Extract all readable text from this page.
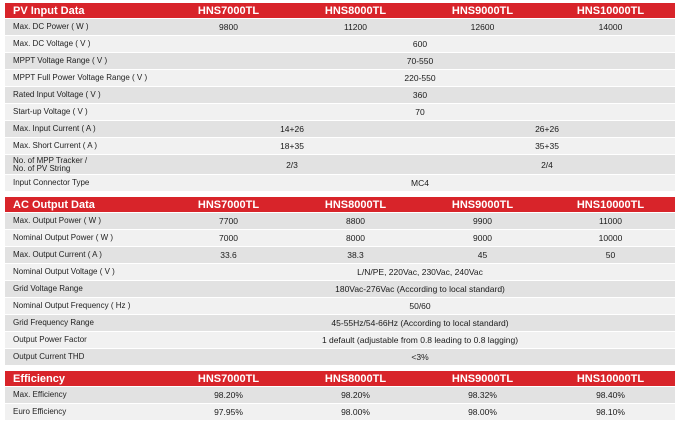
PV Input Data	HNS7000TL	HNS8000TL	HNS9000TL	HNS10000TL
Max. DC Power ( W )	9800	11200	12600	14000
Max. DC Voltage ( V )	600
MPPT Voltage Range ( V )	70-550
MPPT Full Power Voltage Range ( V )	220-550
Rated Input Voltage ( V )	360
Start-up Voltage ( V )	70
Max. Input Current ( A )	14+26	26+26
Max. Short Current ( A )	18+35	35+35
No. of MPP Tracker /
No. of PV String	2/3	2/4
Input Connector Type	MC4
AC Output Data	HNS7000TL	HNS8000TL	HNS9000TL	HNS10000TL
Max. Output Power ( W )	7700	8800	9900	11000
Nominal Output Power ( W )	7000	8000	9000	10000
Max. Output Current ( A )	33.6	38.3	45	50
Nominal Output Voltage ( V )	L/N/PE, 220Vac, 230Vac, 240Vac
Grid Voltage Range	180Vac-276Vac (According to local standard)
Nominal Output Frequency ( Hz )	50/60
Grid Frequency Range	45-55Hz/54-66Hz (According to local standard)
Output Power Factor	1 default (adjustable from 0.8 leading to 0.8 lagging)
Output Current THD	<3%
Efficiency	HNS7000TL	HNS8000TL	HNS9000TL	HNS10000TL
Max. Efficiency	98.20%	98.20%	98.32%	98.40%
Euro Efficiency	97.95%	98.00%	98.00%	98.10%
